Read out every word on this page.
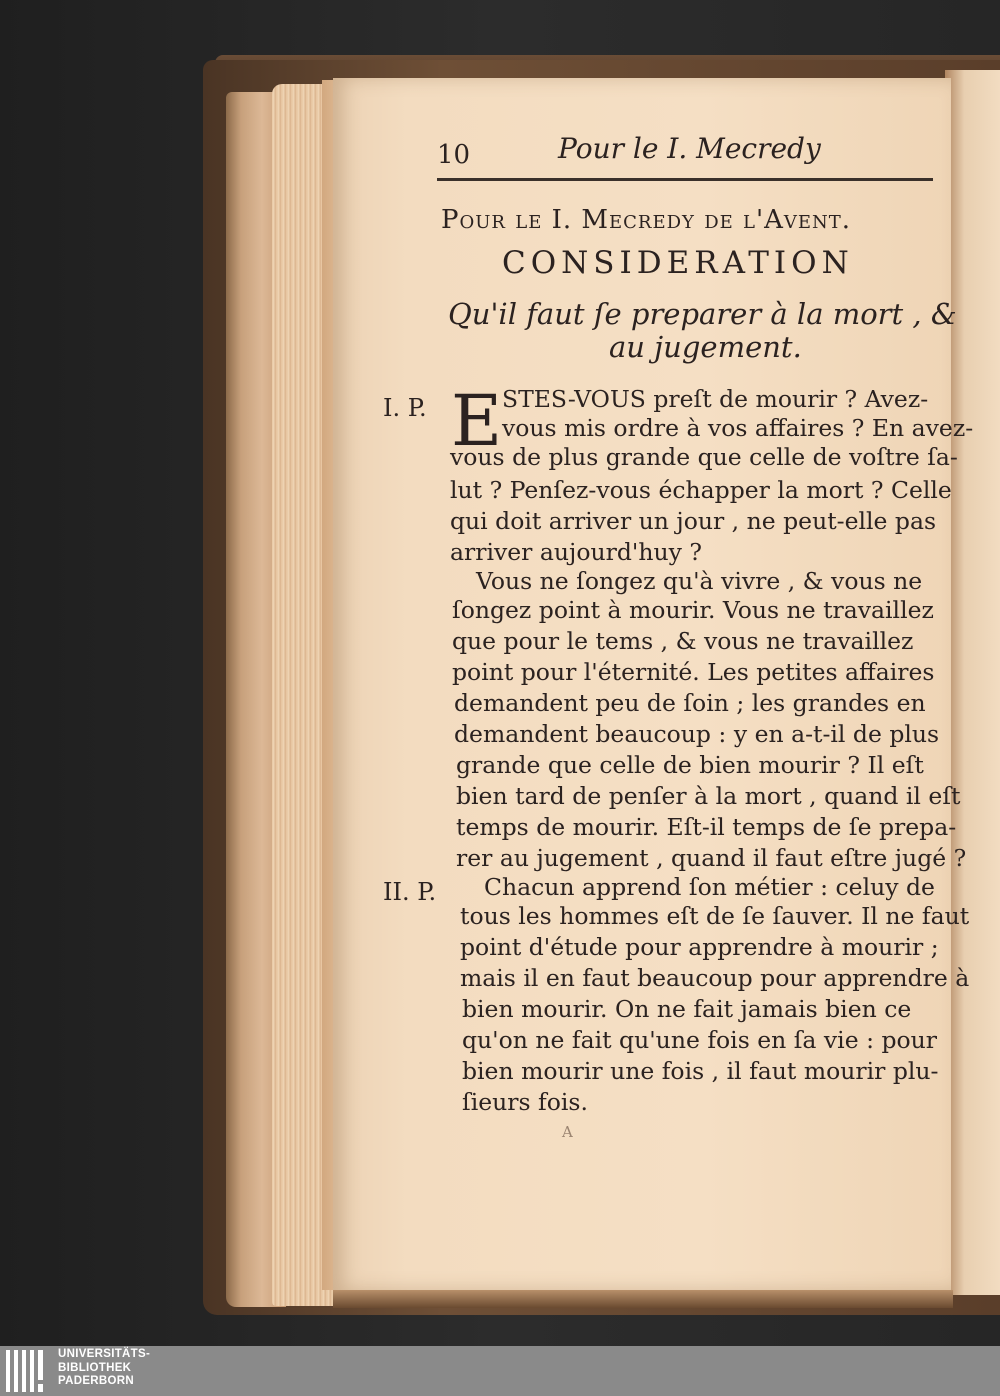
10	Pour le I. Mecredy
Pour le I. Mecredy de l'Avent.
CONSIDERATION
Qu'il faut ſe preparer à la mort , &
au jugement.
I. P.
II. P.
E STES-VOUS preſt de mourir ? Avez-
vous mis ordre à vos affaires ? En avez-
vous de plus grande que celle de voſtre ſa-
lut ? Penſez-vous échapper la mort ? Celle
qui doit arriver un jour , ne peut-elle pas
arriver aujourd'huy ?
Vous ne ſongez qu'à vivre , & vous ne
ſongez point à mourir. Vous ne travaillez
que pour le tems , & vous ne travaillez
point pour l'éternité. Les petites affaires
demandent peu de ſoin ; les grandes en
demandent beaucoup : y en a-t-il de plus
grande que celle de bien mourir ? Il eſt
bien tard de penſer à la mort , quand il eſt
temps de mourir. Eſt-il temps de ſe prepa-
rer au jugement , quand il faut eſtre jugé ?
Chacun apprend ſon métier : celuy de
tous les hommes eſt de ſe ſauver. Il ne faut
point d'étude pour apprendre à mourir ;
mais il en faut beaucoup pour apprendre à
bien mourir. On ne fait jamais bien ce
qu'on ne fait qu'une fois en ſa vie : pour
bien mourir une fois , il faut mourir plu-
ſieurs fois.
A
UNIVERSITÄTS-
BIBLIOTHEK
PADERBORN
